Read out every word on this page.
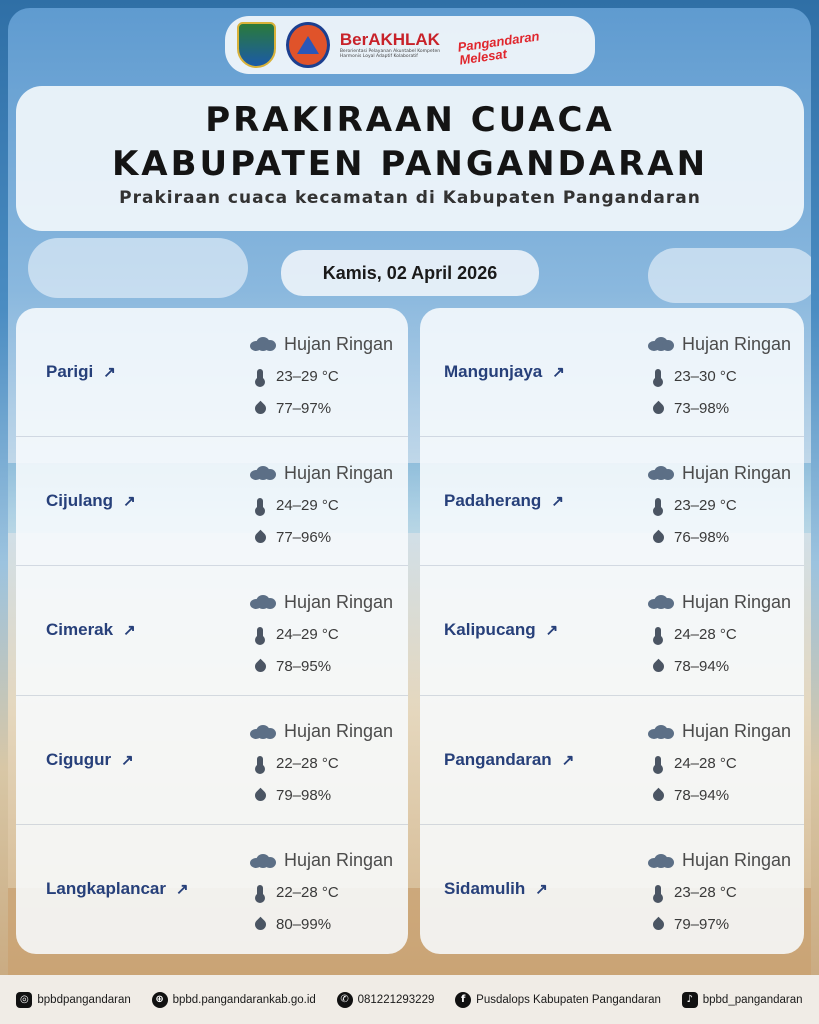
BerAKHLAK
Berorientasi Pelayanan Akuntabel Kompeten Harmonis Loyal Adaptif Kolaboratif
Pangandaran Melesat
PRAKIRAAN CUACA
KABUPATEN PANGANDARAN
Prakiraan cuaca kecamatan di Kabupaten Pangandaran
Kamis, 02 April 2026
Parigi ↗
Hujan Ringan
23–29 °C
77–97%
Cijulang ↗
Hujan Ringan
24–29 °C
77–96%
Cimerak ↗
Hujan Ringan
24–29 °C
78–95%
Cigugur ↗
Hujan Ringan
22–28 °C
79–98%
Langkaplancar ↗
Hujan Ringan
22–28 °C
80–99%
Mangunjaya ↗
Hujan Ringan
23–30 °C
73–98%
Padaherang ↗
Hujan Ringan
23–29 °C
76–98%
Kalipucang ↗
Hujan Ringan
24–28 °C
78–94%
Pangandaran ↗
Hujan Ringan
24–28 °C
78–94%
Sidamulih ↗
Hujan Ringan
23–28 °C
79–97%
◎ bpbdpangandaran	⊕ bpbd.pangandarankab.go.id	✆ 081221293229	f Pusdalops Kabupaten Pangandaran	♪ bpbd_pangandaran
